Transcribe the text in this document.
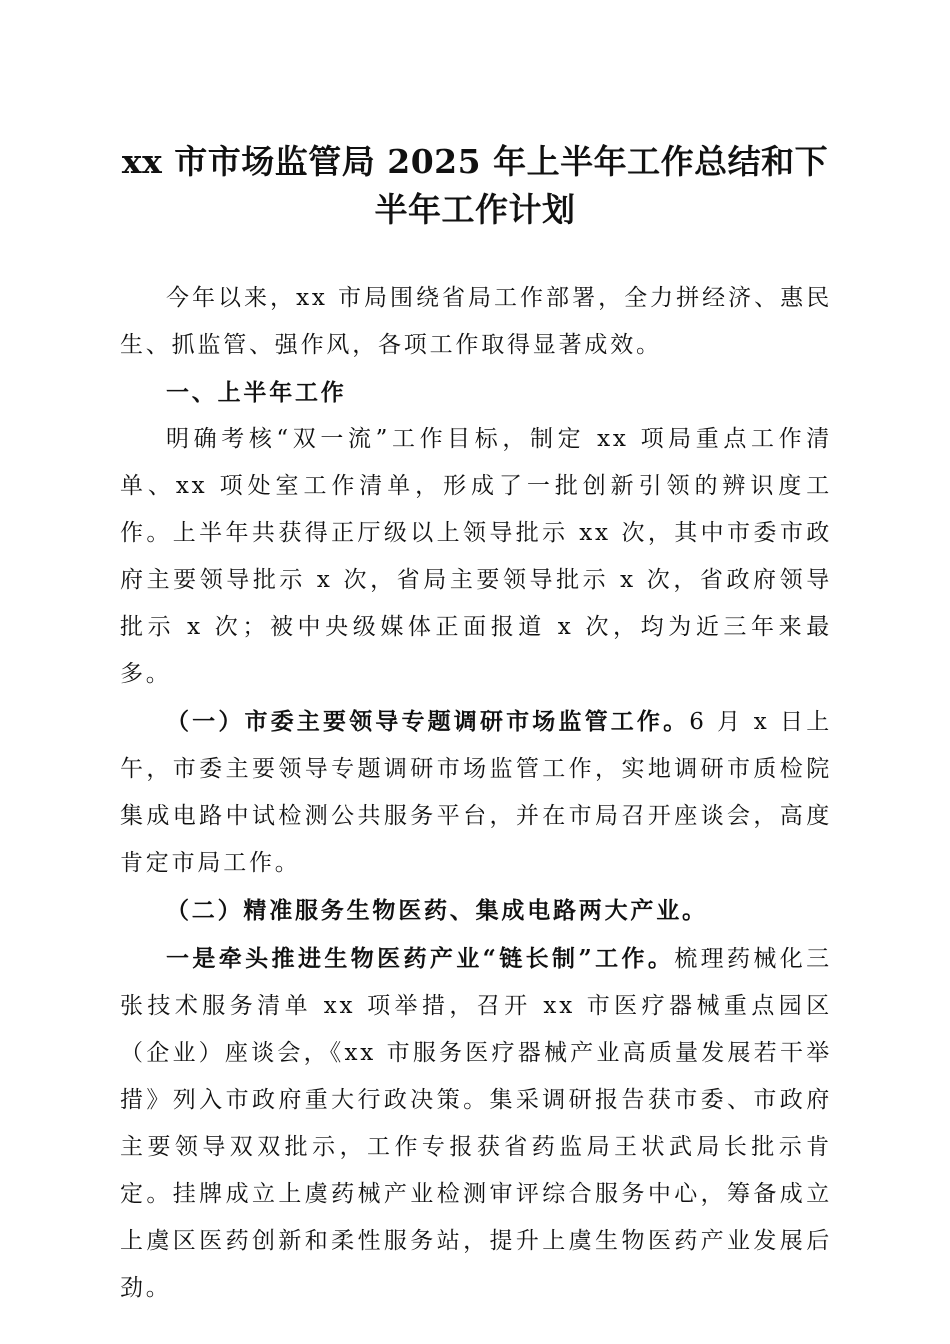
xx 市市场监管局 2025 年上半年工作总结和下半年工作计划

今年以来，xx 市局围绕省局工作部署，全力拼经济、惠民生、抓监管、强作风，各项工作取得显著成效。

一、上半年工作

明确考核“双一流”工作目标，制定 xx 项局重点工作清单、xx 项处室工作清单，形成了一批创新引领的辨识度工作。上半年共获得正厅级以上领导批示 xx 次，其中市委市政府主要领导批示 x 次，省局主要领导批示 x 次，省政府领导批示 x 次；被中央级媒体正面报道 x 次，均为近三年来最多。

（一）市委主要领导专题调研市场监管工作。6 月 x 日上午，市委主要领导专题调研市场监管工作，实地调研市质检院集成电路中试检测公共服务平台，并在市局召开座谈会，高度肯定市局工作。

（二）精准服务生物医药、集成电路两大产业。

一是牵头推进生物医药产业“链长制”工作。梳理药械化三张技术服务清单 xx 项举措，召开 xx 市医疗器械重点园区（企业）座谈会，《xx 市服务医疗器械产业高质量发展若干举措》列入市政府重大行政决策。集采调研报告获市委、市政府主要领导双双批示，工作专报获省药监局王状武局长批示肯定。挂牌成立上虞药械产业检测审评综合服务中心，筹备成立上虞区医药创新和柔性服务站，提升上虞生物医药产业发展后劲。
